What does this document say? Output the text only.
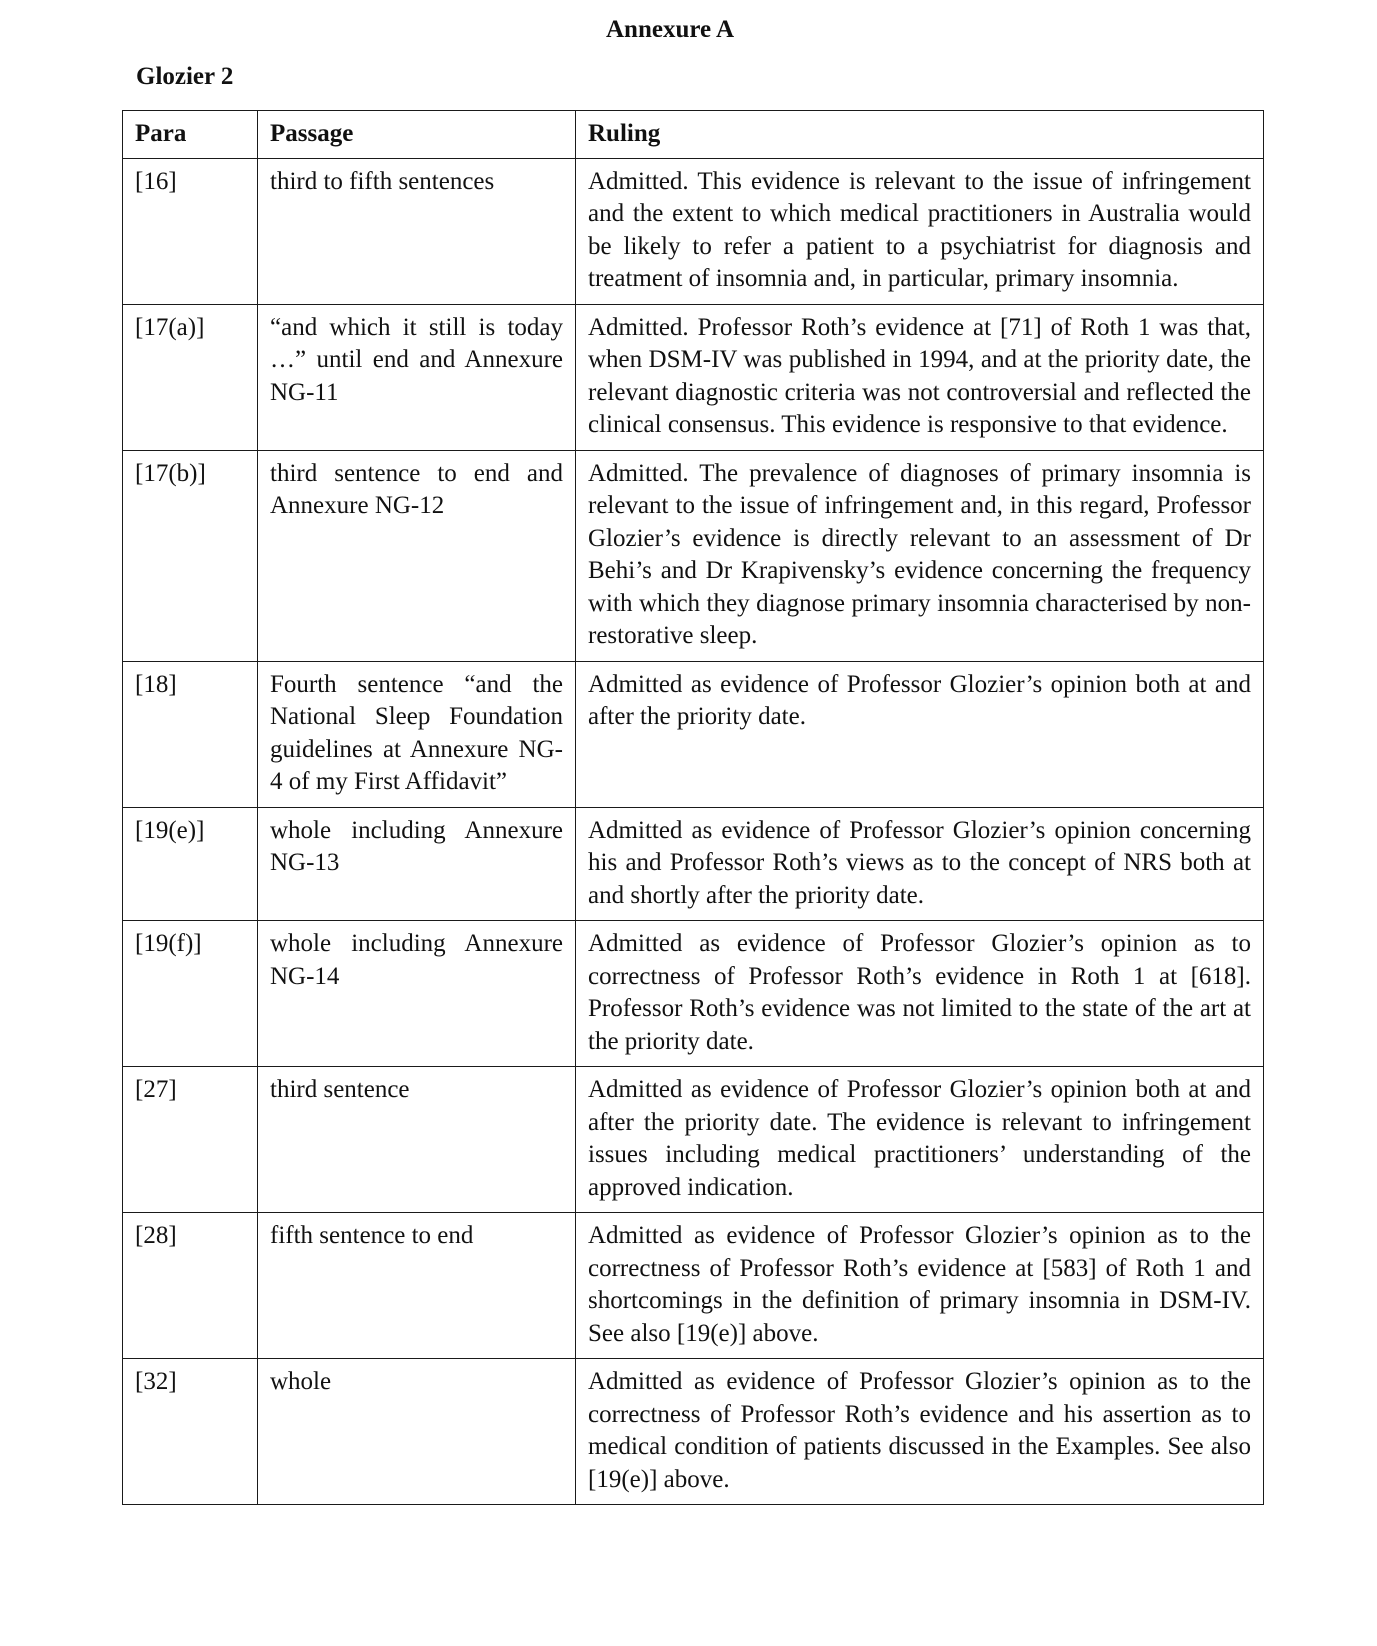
Annexure A
Glozier 2
Para	Passage	Ruling
[16]	third to fifth sentences	Admitted. This evidence is relevant to the issue of infringement and the extent to which medical practitioners in Australia would be likely to refer a patient to a psychiatrist for diagnosis and treatment of insomnia and, in particular, primary insomnia.
[17(a)]	“and which it still is today …” until end and Annexure NG-11	Admitted. Professor Roth’s evidence at [71] of Roth 1 was that, when DSM-IV was published in 1994, and at the priority date, the relevant diagnostic criteria was not controversial and reflected the clinical consensus. This evidence is responsive to that evidence.
[17(b)]	third sentence to end and Annexure NG-12	Admitted. The prevalence of diagnoses of primary insomnia is relevant to the issue of infringement and, in this regard, Professor Glozier’s evidence is directly relevant to an assessment of Dr Behi’s and Dr Krapivensky’s evidence concerning the frequency with which they diagnose primary insomnia characterised by non-restorative sleep.
[18]	Fourth sentence “and the National Sleep Foundation guidelines at Annexure NG-4 of my First Affidavit”	Admitted as evidence of Professor Glozier’s opinion both at and after the priority date.
[19(e)]	whole including Annexure NG-13	Admitted as evidence of Professor Glozier’s opinion concerning his and Professor Roth’s views as to the concept of NRS both at and shortly after the priority date.
[19(f)]	whole including Annexure NG-14	Admitted as evidence of Professor Glozier’s opinion as to correctness of Professor Roth’s evidence in Roth 1 at [618]. Professor Roth’s evidence was not limited to the state of the art at the priority date.
[27]	third sentence	Admitted as evidence of Professor Glozier’s opinion both at and after the priority date. The evidence is relevant to infringement issues including medical practitioners’ understanding of the approved indication.
[28]	fifth sentence to end	Admitted as evidence of Professor Glozier’s opinion as to the correctness of Professor Roth’s evidence at [583] of Roth 1 and shortcomings in the definition of primary insomnia in DSM-IV. See also [19(e)] above.
[32]	whole	Admitted as evidence of Professor Glozier’s opinion as to the correctness of Professor Roth’s evidence and his assertion as to medical condition of patients discussed in the Examples. See also [19(e)] above.
